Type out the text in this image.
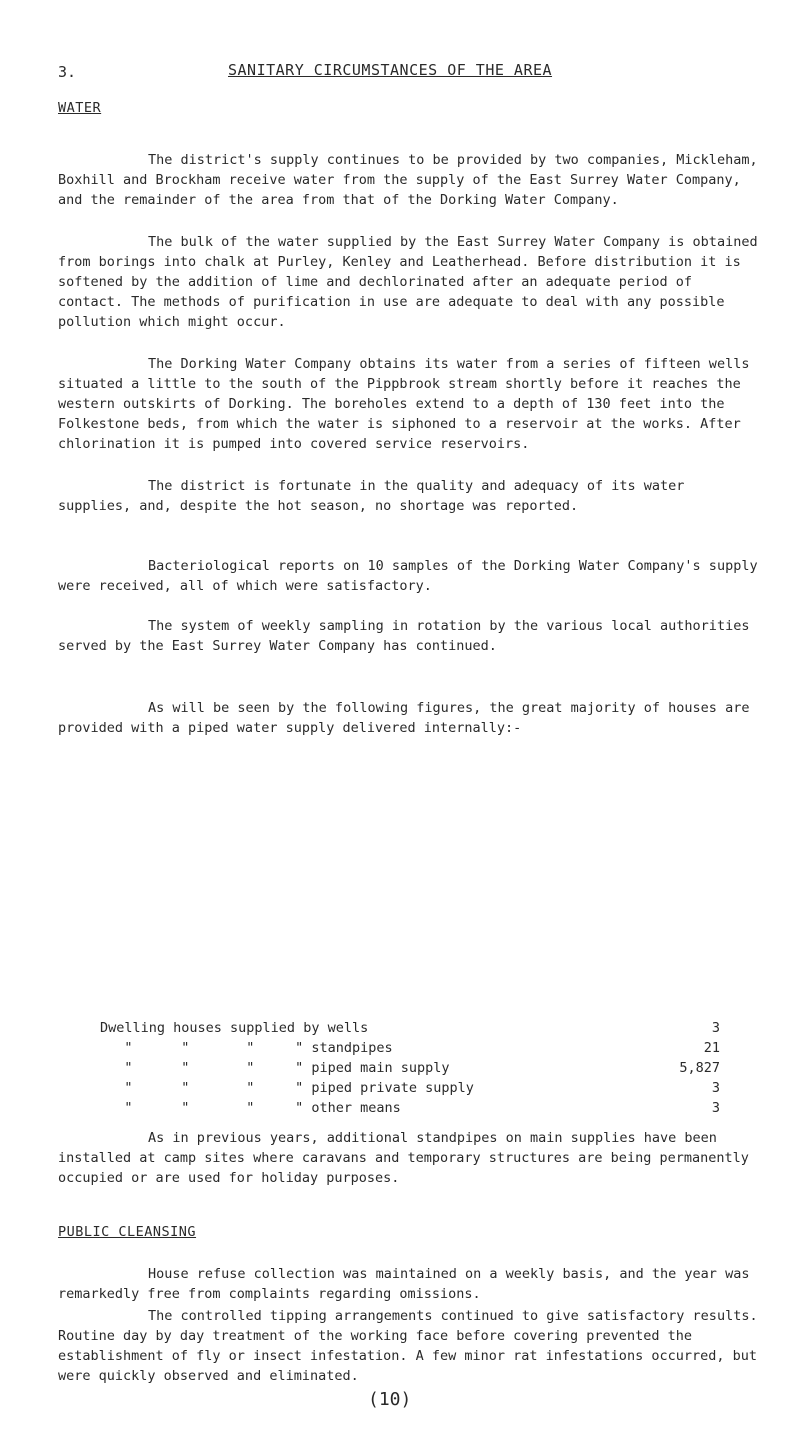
3.	SANITARY CIRCUMSTANCES OF THE AREA
WATER

The district's supply continues to be provided by two companies, Mickleham, Boxhill and Brockham receive water from the supply of the East Surrey Water Company, and the remainder of the area from that of the Dorking Water Company.

The bulk of the water supplied by the East Surrey Water Company is obtained from borings into chalk at Purley, Kenley and Leatherhead. Before distribution it is softened by the addition of lime and dechlorinated after an adequate period of contact. The methods of purification in use are adequate to deal with any possible pollution which might occur.

The Dorking Water Company obtains its water from a series of fifteen wells situated a little to the south of the Pippbrook stream shortly before it reaches the western outskirts of Dorking. The boreholes extend to a depth of 130 feet into the Folkestone beds, from which the water is siphoned to a reservoir at the works. After chlorination it is pumped into covered service reservoirs.

The district is fortunate in the quality and adequacy of its water supplies, and, despite the hot season, no shortage was reported.

Bacteriological reports on 10 samples of the Dorking Water Company's supply were received, all of which were satisfactory.

The system of weekly sampling in rotation by the various local authorities served by the East Surrey Water Company has continued.

As will be seen by the following figures, the great majority of houses are provided with a piped water supply delivered internally:-

Dwelling houses supplied by wells	3
"      "       "     " standpipes	21
"      "       "     " piped main supply	5,827
"      "       "     " piped private supply	3
"      "       "     " other means	3

As in previous years, additional standpipes on main supplies have been installed at camp sites where caravans and temporary structures are being permanently occupied or are used for holiday purposes.

PUBLIC CLEANSING

House refuse collection was maintained on a weekly basis, and the year was remarkedly free from complaints regarding omissions.

The controlled tipping arrangements continued to give satisfactory results. Routine day by day treatment of the working face before covering prevented the establishment of fly or insect infestation. A few minor rat infestations occurred, but were quickly observed and eliminated.

(10)
